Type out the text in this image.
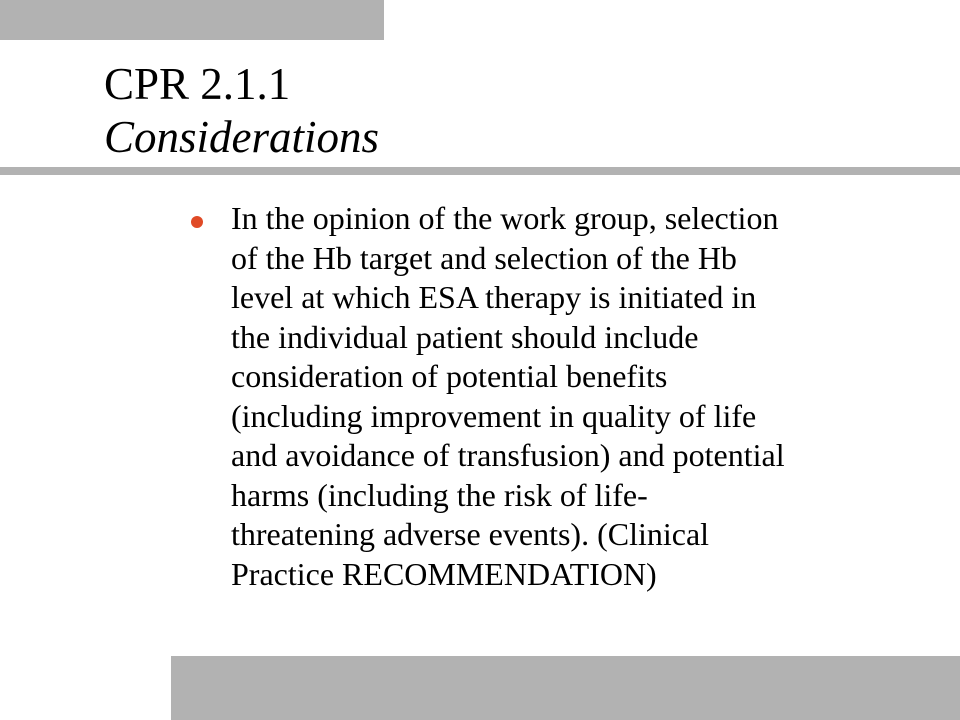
CPR 2.1.1
Considerations

In the opinion of the work group, selection
of the Hb target and selection of the Hb
level at which ESA therapy is initiated in
the individual patient should include
consideration of potential benefits
(including improvement in quality of life
and avoidance of transfusion) and potential
harms (including the risk of life-
threatening adverse events). (Clinical
Practice RECOMMENDATION)
